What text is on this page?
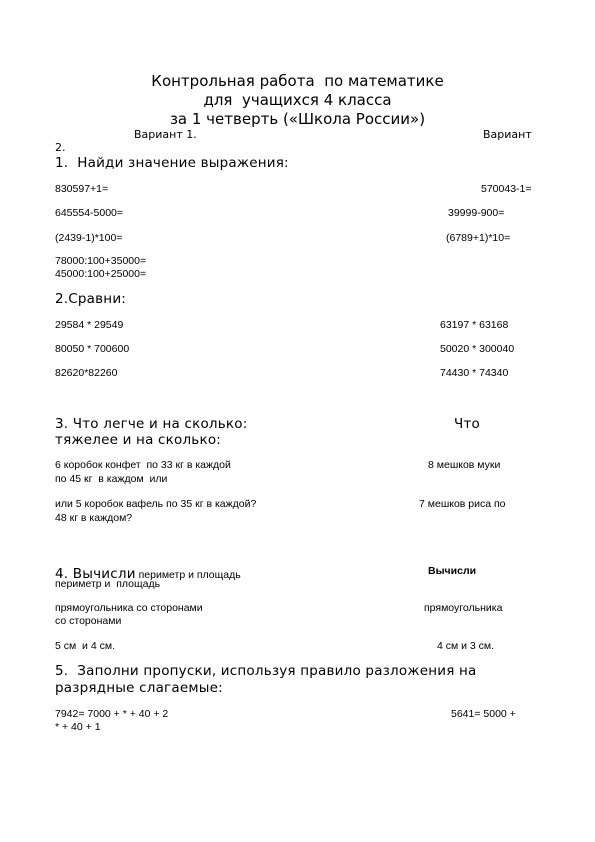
Контрольная работа  по математике
для  учащихся 4 класса
за 1 четверть («Школа России»)
Вариант 1.	Вариант
2.
1.  Найди значение выражения:
830597+1=	570043-1=
645554-5000=	39999-900=
(2439-1)*100=	(6789+1)*10=
78000:100+35000=
45000:100+25000=
2.Сравни:
29584 * 29549	63197 * 63168
80050 * 700600	50020 * 300040
82620*82260	74430 * 74340
3. Что легче и на сколько:	Что
тяжелее и на сколько:
6 коробок конфет  по 33 кг в каждой	8 мешков муки
по 45 кг  в каждом  или
или 5 коробок вафель по 35 кг в каждой?	7 мешков риса по
48 кг в каждом?
4. Вычисли периметр и площадь	Вычисли
периметр и  площадь
прямоугольника со сторонами	прямоугольника
со сторонами
5 см  и 4 см.	4 см и 3 см.
5.  Заполни пропуски, используя правило разложения на
разрядные слагаемые:
7942= 7000 + * + 40 + 2	5641= 5000 +
* + 40 + 1
